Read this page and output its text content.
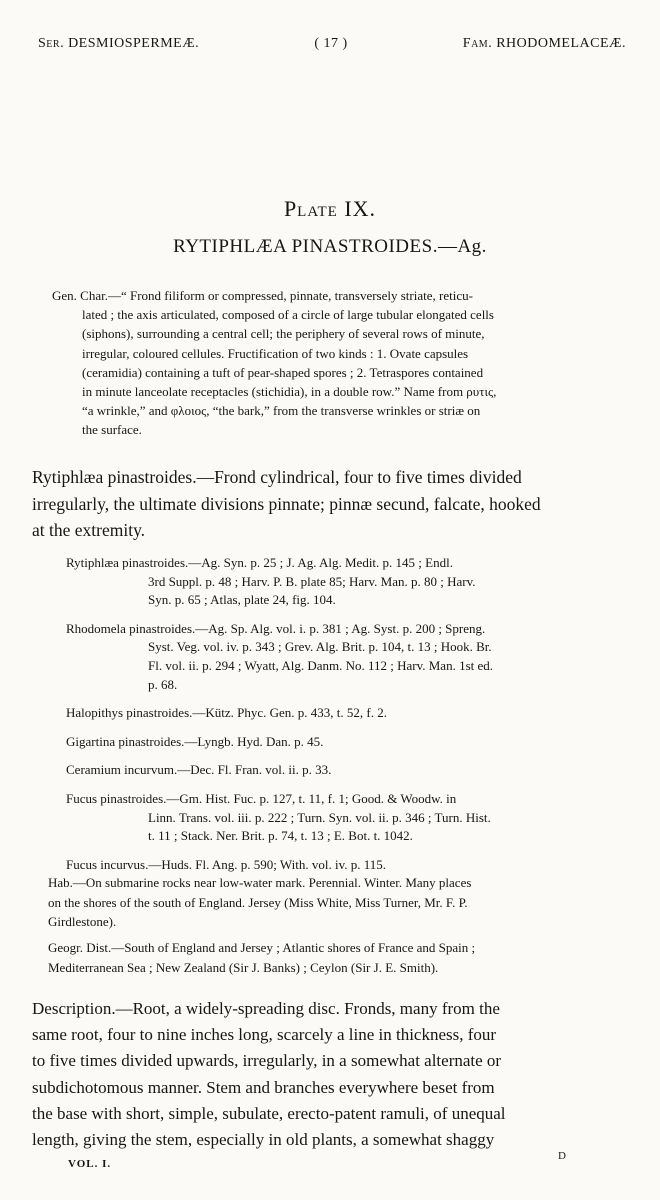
Ser. DESMIOSPERMEÆ.	( 17 )	Fam. RHODOMELACEÆ.
Plate IX.
RYTIPHLÆA PINASTROIDES.—Ag.
Gen. Char.—“ Frond filiform or compressed, pinnate, transversely striate, reticu-
lated ; the axis articulated, composed of a circle of large tubular elongated cells
(siphons), surrounding a central cell; the periphery of several rows of minute,
irregular, coloured cellules. Fructification of two kinds : 1. Ovate capsules
(ceramidia) containing a tuft of pear-shaped spores ; 2. Tetraspores contained
in minute lanceolate receptacles (stichidia), in a double row.” Name from ρυτις,
“a wrinkle,” and φλοιος, “the bark,” from the transverse wrinkles or striæ on
the surface.
Rytiphlæa pinastroides.—Frond cylindrical, four to five times divided
irregularly, the ultimate divisions pinnate; pinnæ secund, falcate, hooked
at the extremity.
Rytiphlæa pinastroides.—Ag. Syn. p. 25 ; J. Ag. Alg. Medit. p. 145 ; Endl.
3rd Suppl. p. 48 ; Harv. P. B. plate 85; Harv. Man. p. 80 ; Harv.
Syn. p. 65 ; Atlas, plate 24, fig. 104.
Rhodomela pinastroides.—Ag. Sp. Alg. vol. i. p. 381 ; Ag. Syst. p. 200 ; Spreng.
Syst. Veg. vol. iv. p. 343 ; Grev. Alg. Brit. p. 104, t. 13 ; Hook. Br.
Fl. vol. ii. p. 294 ; Wyatt, Alg. Danm. No. 112 ; Harv. Man. 1st ed.
p. 68.
Halopithys pinastroides.—Kütz. Phyc. Gen. p. 433, t. 52, f. 2.
Gigartina pinastroides.—Lyngb. Hyd. Dan. p. 45.
Ceramium incurvum.—Dec. Fl. Fran. vol. ii. p. 33.
Fucus pinastroides.—Gm. Hist. Fuc. p. 127, t. 11, f. 1; Good. & Woodw. in
Linn. Trans. vol. iii. p. 222 ; Turn. Syn. vol. ii. p. 346 ; Turn. Hist.
t. 11 ; Stack. Ner. Brit. p. 74, t. 13 ; E. Bot. t. 1042.
Fucus incurvus.—Huds. Fl. Ang. p. 590; With. vol. iv. p. 115.
Hab.—On submarine rocks near low-water mark. Perennial. Winter. Many places
on the shores of the south of England. Jersey (Miss White, Miss Turner, Mr. F. P.
Girdlestone).
Geogr. Dist.—South of England and Jersey ; Atlantic shores of France and Spain ;
Mediterranean Sea ; New Zealand (Sir J. Banks) ; Ceylon (Sir J. E. Smith).
Description.—Root, a widely-spreading disc. Fronds, many from the
same root, four to nine inches long, scarcely a line in thickness, four
to five times divided upwards, irregularly, in a somewhat alternate or
subdichotomous manner. Stem and branches everywhere beset from
the base with short, simple, subulate, erecto-patent ramuli, of unequal
length, giving the stem, especially in old plants, a somewhat shaggy
VOL. I.
D
